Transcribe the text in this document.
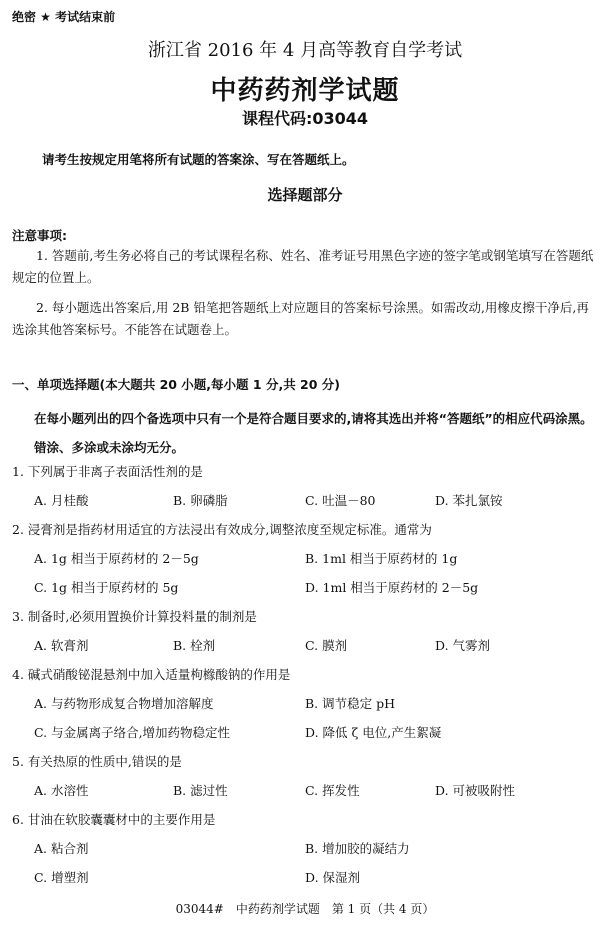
绝密 ★ 考试结束前
浙江省 2016 年 4 月高等教育自学考试
中药药剂学试题
课程代码:03044
请考生按规定用笔将所有试题的答案涂、写在答题纸上。
选择题部分
注意事项:
1. 答题前,考生务必将自己的考试课程名称、姓名、准考证号用黑色字迹的签字笔或钢笔填写在答题纸规定的位置上。
2. 每小题选出答案后,用 2B 铅笔把答题纸上对应题目的答案标号涂黑。如需改动,用橡皮擦干净后,再选涂其他答案标号。不能答在试题卷上。
一、单项选择题(本大题共 20 小题,每小题 1 分,共 20 分)
在每小题列出的四个备选项中只有一个是符合题目要求的,请将其选出并将“答题纸”的相应代码涂黑。错涂、多涂或未涂均无分。
1. 下列属于非离子表面活性剂的是
A. 月桂酸	B. 卵磷脂	C. 吐温－80	D. 苯扎氯铵
2. 浸膏剂是指药材用适宜的方法浸出有效成分,调整浓度至规定标准。通常为
A. 1g 相当于原药材的 2－5g	B. 1ml 相当于原药材的 1g
C. 1g 相当于原药材的 5g	D. 1ml 相当于原药材的 2－5g
3. 制备时,必须用置换价计算投料量的制剂是
A. 软膏剂	B. 栓剂	C. 膜剂	D. 气雾剂
4. 碱式硝酸铋混悬剂中加入适量枸橼酸钠的作用是
A. 与药物形成复合物增加溶解度	B. 调节稳定 pH
C. 与金属离子络合,增加药物稳定性	D. 降低 ζ 电位,产生絮凝
5. 有关热原的性质中,错误的是
A. 水溶性	B. 滤过性	C. 挥发性	D. 可被吸附性
6. 甘油在软胶囊囊材中的主要作用是
A. 粘合剂	B. 增加胶的凝结力
C. 增塑剂	D. 保湿剂
03044#　中药药剂学试题　第 1 页（共 4 页）
